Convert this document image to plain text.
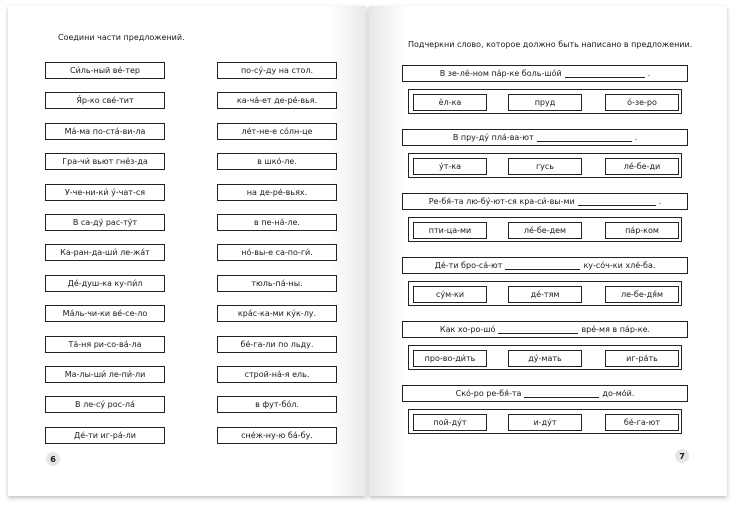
Соедини части предложений.
Си́ль-ный ве́-тер	по-су́-ду на стол.
Я́р-ко све́-тит	ка-ча́-ет де-ре́-вья.
Ма́-ма по-ста́-ви-ла	ле́т-не-е со́лн-це
Гра-чи́ вьют гнёз-да	в шко́-ле.
У-че-ни-ки́ у́-чат-ся	на де-ре́-вьях.
В са-ду́ рас-ту́т	в пе-на́-ле.
Ка-ран-да-ши́ ле-жа́т	но́-вы-е са-по-ги́.
Де́-душ-ка ку-пи́л	тюль-па́-ны.
Ма́ль-чи-ки ве́-се-ло	кра́с-ка-ми ку́к-лу.
Та́-ня ри-со-ва́-ла	бе́-га-ли по льду.
Ма-лы-ши́ ле-пи́-ли	строй-на́-я ель.
В ле-су́ рос-ла́	в фут-бо́л.
Де́-ти иг-ра́-ли	сне́ж-ну-ю ба́-бу.
6
Подчеркни слово, которое должно быть написано в предложении.
В зе-лё-ном па́р-ке боль-шо́й	.
ёл-ка	пруд	о́-зе-ро
В пру-ду́ пла́-ва-ют	.
у́т-ка	гусь	ле́-бе-ди
Ре-бя́-та лю-бу́-ют-ся кра-си́-вы-ми	.
пти-ца-ми	ле́-бе-дем	па́р-ком
Де́-ти бро-са́-ют	ку-со́ч-ки хле́-ба.
су́м-ки	де́-тям	ле-бе-дя́м
Как хо-ро-шо́	вре́-мя в па́р-ке.
про-во-ди́ть	ду́-мать	иг-ра́ть
Ско́-ро ре-бя́-та	до-мо́й.
пой-ду́т	и-ду́т	бе́-га-ют
7
